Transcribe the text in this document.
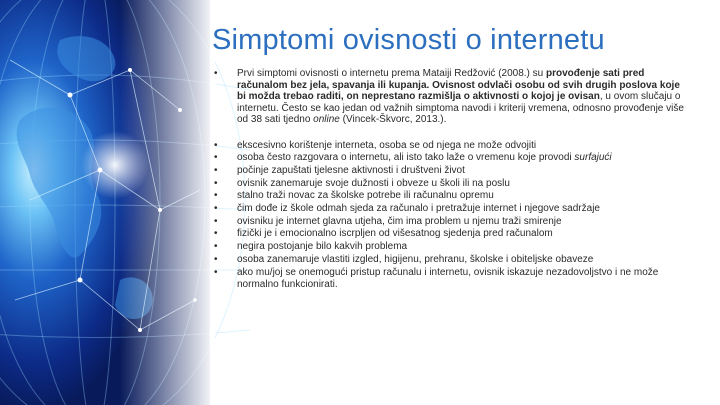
Simptomi ovisnosti o internetu
• Prvi simptomi ovisnosti o internetu prema Mataiji Redžović (2008.) su provođenje sati pred računalom bez jela, spavanja ili kupanja. Ovisnost odvlači osobu od svih drugih poslova koje bi možda trebao raditi, on neprestano razmišlja o aktivnosti o kojoj je ovisan, u ovom slučaju o internetu. Često se kao jedan od važnih simptoma navodi i kriterij vremena, odnosno provođenje više od 38 sati tjedno online (Vincek-Škvorc, 2013.).
• ekscesivno korištenje interneta, osoba se od njega ne može odvojiti
• osoba često razgovara o internetu, ali isto tako laže o vremenu koje provodi surfajući
• počinje zapuštati tjelesne aktivnosti i društveni život
• ovisnik zanemaruje svoje dužnosti i obveze u školi ili na poslu
• stalno traži novac za školske potrebe ili računalnu opremu
• čim dođe iz škole odmah sjeda za računalo i pretražuje internet i njegove sadržaje
• ovisniku je internet glavna utjeha, čim ima problem u njemu traži smirenje
• fizički je i emocionalno iscrpljen od višesatnog sjedenja pred računalom
• negira postojanje bilo kakvih problema
• osoba zanemaruje vlastiti izgled, higijenu, prehranu, školske i obiteljske obaveze
• ako mu/joj se onemogući pristup računalu i internetu, ovisnik iskazuje nezadovoljstvo i ne može normalno funkcionirati.
